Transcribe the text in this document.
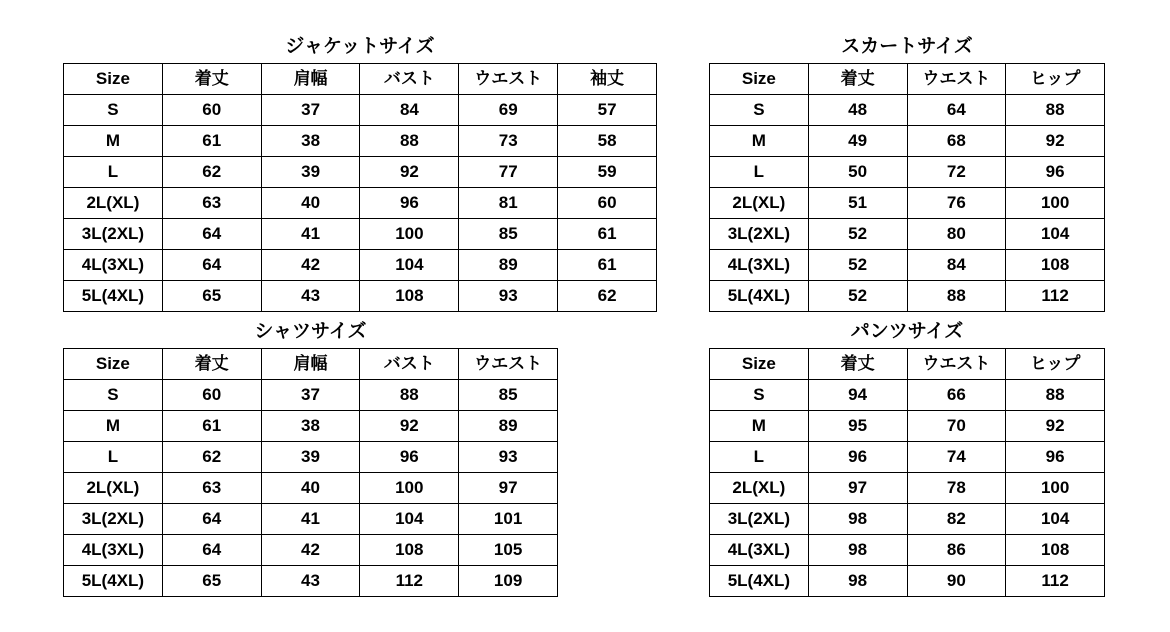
ジャケットサイズ
Size	着丈	肩幅	バスト	ウエスト	袖丈
S	60	37	84	69	57
M	61	38	88	73	58
L	62	39	92	77	59
2L(XL)	63	40	96	81	60
3L(2XL)	64	41	100	85	61
4L(3XL)	64	42	104	89	61
5L(4XL)	65	43	108	93	62
スカートサイズ
Size	着丈	ウエスト	ヒップ
S	48	64	88
M	49	68	92
L	50	72	96
2L(XL)	51	76	100
3L(2XL)	52	80	104
4L(3XL)	52	84	108
5L(4XL)	52	88	112
シャツサイズ
Size	着丈	肩幅	バスト	ウエスト
S	60	37	88	85
M	61	38	92	89
L	62	39	96	93
2L(XL)	63	40	100	97
3L(2XL)	64	41	104	101
4L(3XL)	64	42	108	105
5L(4XL)	65	43	112	109
パンツサイズ
Size	着丈	ウエスト	ヒップ
S	94	66	88
M	95	70	92
L	96	74	96
2L(XL)	97	78	100
3L(2XL)	98	82	104
4L(3XL)	98	86	108
5L(4XL)	98	90	112
